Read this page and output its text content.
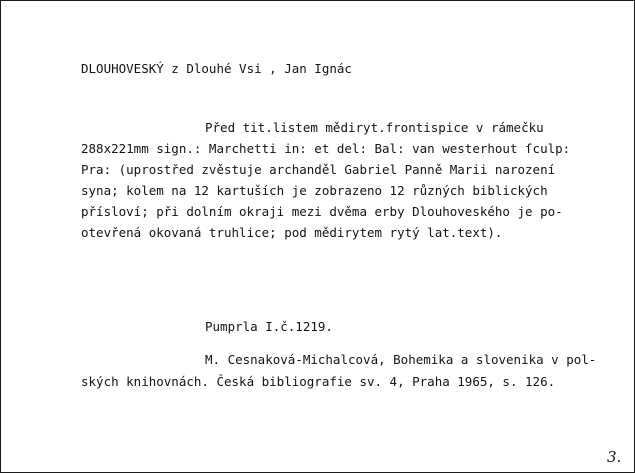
DLOUHOVESKÝ z Dlouhé Vsi , Jan Ignác
Před tit.listem mědiryt.frontispice v rámečku
288x221mm sign.: Marchetti in: et del: Bal: van westerhout ſculp:
Pra: (uprostřed zvěstuje archanděl Gabriel Panně Marii narození
syna; kolem na 12 kartuších je zobrazeno 12 různých biblických
přísloví; při dolním okraji mezi dvěma erby Dlouhoveského je po-
otevřená okovaná truhlice; pod mědirytem rytý lat.text).
Pumprla I.č.1219.
M. Cesnaková-Michalcová, Bohemika a slovenika v pol-
ských knihovnách. Česká bibliografie sv. 4, Praha 1965, s. 126.
3.
